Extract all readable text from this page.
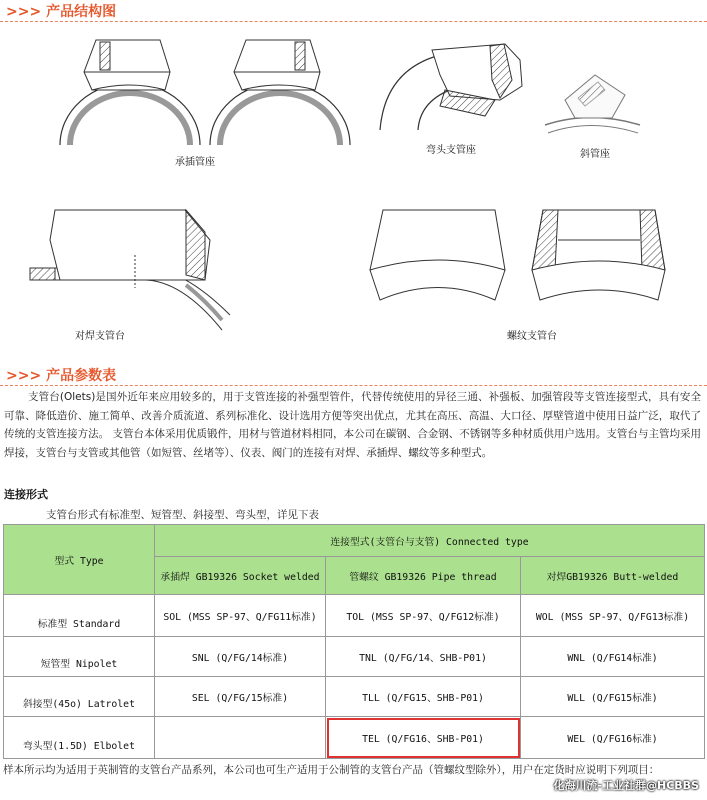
>>> 产品结构图
承插管座
弯头支管座	斜管座
对焊支管台	螺纹支管台
>>> 产品参数表

支管台(Olets)是国外近年来应用较多的，用于支管连接的补强型管件，代替传统使用的异径三通、补强板、加强管段等支管连接型式，具有安全可靠、降低造价、施工简单、改善介质流道、系列标准化、设计选用方便等突出优点，尤其在高压、高温、大口径、厚壁管道中使用日益广泛，取代了传统的支管连接方法。 支管台本体采用优质锻件，用材与管道材料相同，本公司在碳钢、合金钢、不锈钢等多种材质供用户选用。支管台与主管均采用焊接，支管台与支管或其他管（如短管、丝堵等）、仪表、阀门的连接有对焊、承插焊、螺纹等多种型式。

连接形式
支管台形式有标准型、短管型、斜接型、弯头型，详见下表
型式 Type	连接型式(支管台与支管) Connected type		
	承插焊 GB19326 Socket welded	管螺纹 GB19326 Pipe thread	对焊GB19326 Butt-welded
标准型 Standard	SOL (MSS SP-97、Q/FG11标准)	TOL (MSS SP-97、Q/FG12标准)	WOL (MSS SP-97、Q/FG13标准)
短管型 Nipolet	SNL (Q/FG/14标准)	TNL (Q/FG/14、SHB-P01)	WNL (Q/FG14标准)
斜接型(45o) Latrolet	SEL (Q/FG/15标准)	TLL (Q/FG15、SHB-P01)	WLL (Q/FG15标准)
弯头型(1.5D) Elbolet		TEL (Q/FG16、SHB-P01)	WEL (Q/FG16标准)
样本所示均为适用于英制管的支管台产品系列，本公司也可生产适用于公制管的支管台产品（管螺纹型除外），用户在定货时应说明下列项目：
化海川流-工业社群@HCBBS
